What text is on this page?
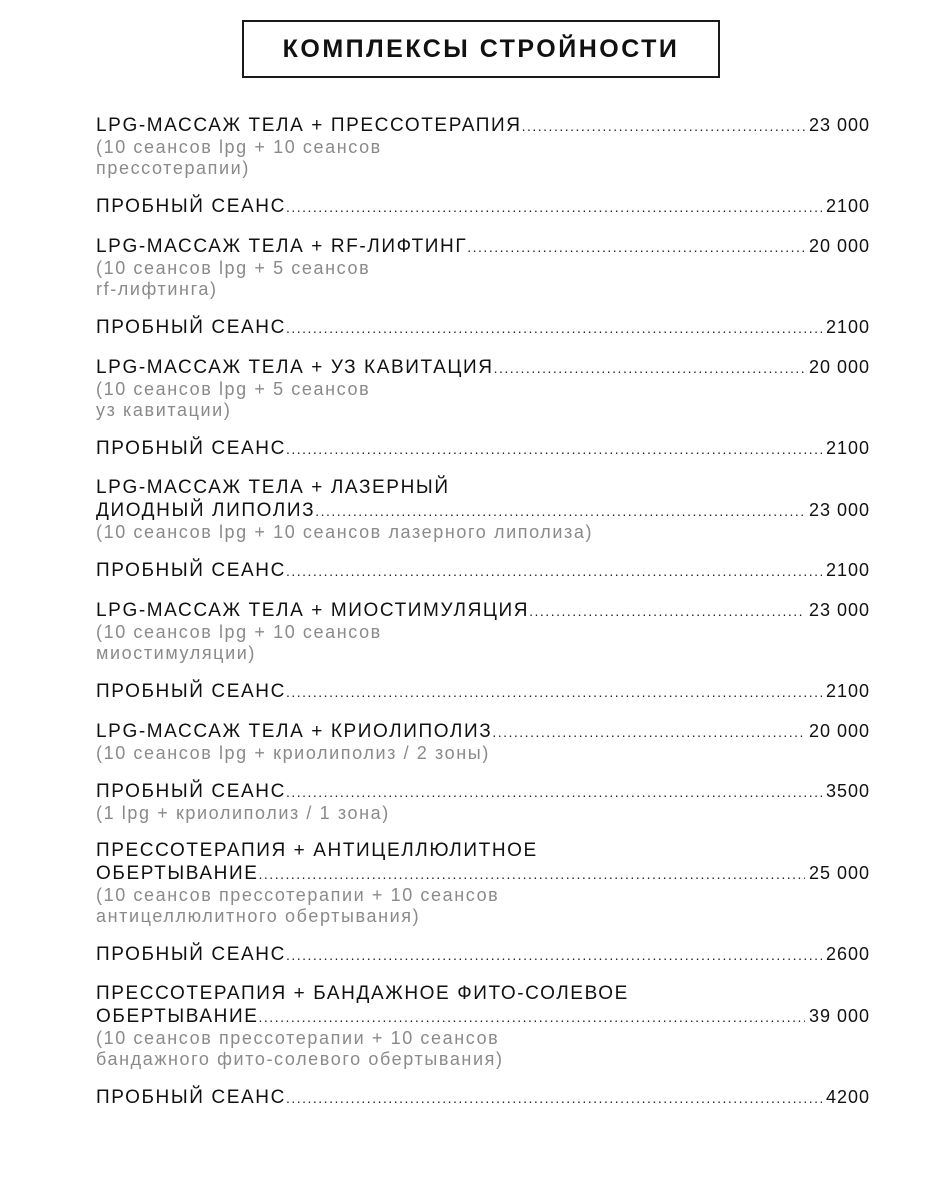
КОМПЛЕКСЫ СТРОЙНОСТИ
LPG-МАССАЖ ТЕЛА + ПРЕССОТЕРАПИЯ .....	23 000
(10 сеансов lpg + 10 сеансов
прессотерапии)
ПРОБНЫЙ СЕАНС .....	2100
LPG-МАССАЖ ТЕЛА + RF-ЛИФТИНГ .....	20 000
(10 сеансов lpg + 5 сеансов
rf-лифтинга)
ПРОБНЫЙ СЕАНС .....	2100
LPG-МАССАЖ ТЕЛА + УЗ КАВИТАЦИЯ .....	20 000
(10 сеансов lpg + 5 сеансов
уз кавитации)
ПРОБНЫЙ СЕАНС .....	2100
LPG-МАССАЖ ТЕЛА + ЛАЗЕРНЫЙ
ДИОДНЫЙ ЛИПОЛИЗ .....	23 000
(10 сеансов lpg + 10 сеансов лазерного липолиза)
ПРОБНЫЙ СЕАНС .....	2100
LPG-МАССАЖ ТЕЛА + МИОСТИМУЛЯЦИЯ .....	23 000
(10 сеансов lpg + 10 сеансов
миостимуляции)
ПРОБНЫЙ СЕАНС .....	2100
LPG-МАССАЖ ТЕЛА + КРИОЛИПОЛИЗ .....	20 000
(10 сеансов lpg + криолиполиз / 2 зоны)
ПРОБНЫЙ СЕАНС .....	3500
(1 lpg + криолиполиз / 1 зона)
ПРЕССОТЕРАПИЯ + АНТИЦЕЛЛЮЛИТНОЕ
ОБЕРТЫВАНИЕ .....	25 000
(10 сеансов прессотерапии + 10 сеансов
антицеллюлитного обертывания)
ПРОБНЫЙ СЕАНС .....	2600
ПРЕССОТЕРАПИЯ + БАНДАЖНОЕ ФИТО-СОЛЕВОЕ
ОБЕРТЫВАНИЕ .....	39 000
(10 сеансов прессотерапии + 10 сеансов
бандажного фито-солевого обертывания)
ПРОБНЫЙ СЕАНС .....	4200
